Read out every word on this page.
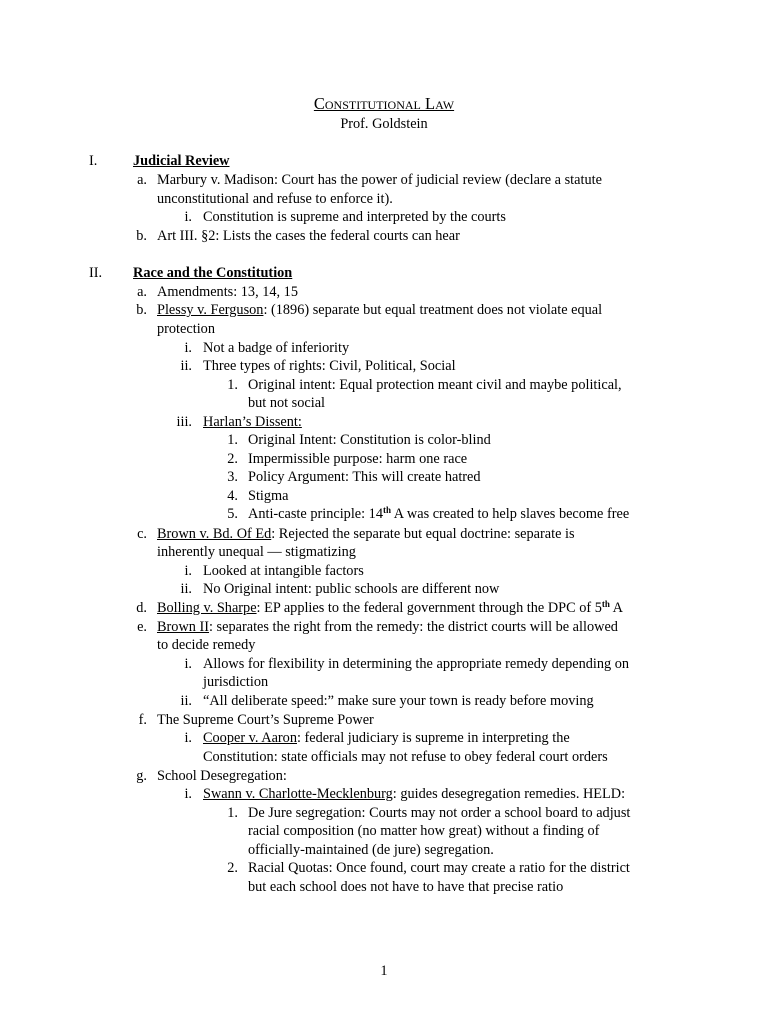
Constitutional Law
Prof. Goldstein
I. Judicial Review
II. Race and the Constitution
a. Marbury v. Madison: Court has the power of judicial review (declare a statute
unconstitutional and refuse to enforce it).
i. Constitution is supreme and interpreted by the courts
b. Art III. §2: Lists the cases the federal courts can hear
a. Amendments: 13, 14, 15
b. Plessy v. Ferguson: (1896) separate but equal treatment does not violate equal
protection
i. Not a badge of inferiority
ii. Three types of rights: Civil, Political, Social
1. Original intent: Equal protection meant civil and maybe political,
but not social
iii. Harlan’s Dissent:
1. Original Intent: Constitution is color-blind
2. Impermissible purpose: harm one race
3. Policy Argument: This will create hatred
4. Stigma
5. Anti-caste principle: 14th A was created to help slaves become free
c. Brown v. Bd. Of Ed: Rejected the separate but equal doctrine: separate is
inherently unequal — stigmatizing
i. Looked at intangible factors
ii. No Original intent: public schools are different now
d. Bolling v. Sharpe: EP applies to the federal government through the DPC of 5th A
e. Brown II: separates the right from the remedy: the district courts will be allowed
to decide remedy
i. Allows for flexibility in determining the appropriate remedy depending on
jurisdiction
ii. “All deliberate speed:” make sure your town is ready before moving
f. The Supreme Court’s Supreme Power
i. Cooper v. Aaron: federal judiciary is supreme in interpreting the
Constitution: state officials may not refuse to obey federal court orders
g. School Desegregation:
i. Swann v. Charlotte-Mecklenburg: guides desegregation remedies. HELD:
1. De Jure segregation: Courts may not order a school board to adjust
racial composition (no matter how great) without a finding of
officially-maintained (de jure) segregation.
2. Racial Quotas: Once found, court may create a ratio for the district
but each school does not have to have that precise ratio
1
